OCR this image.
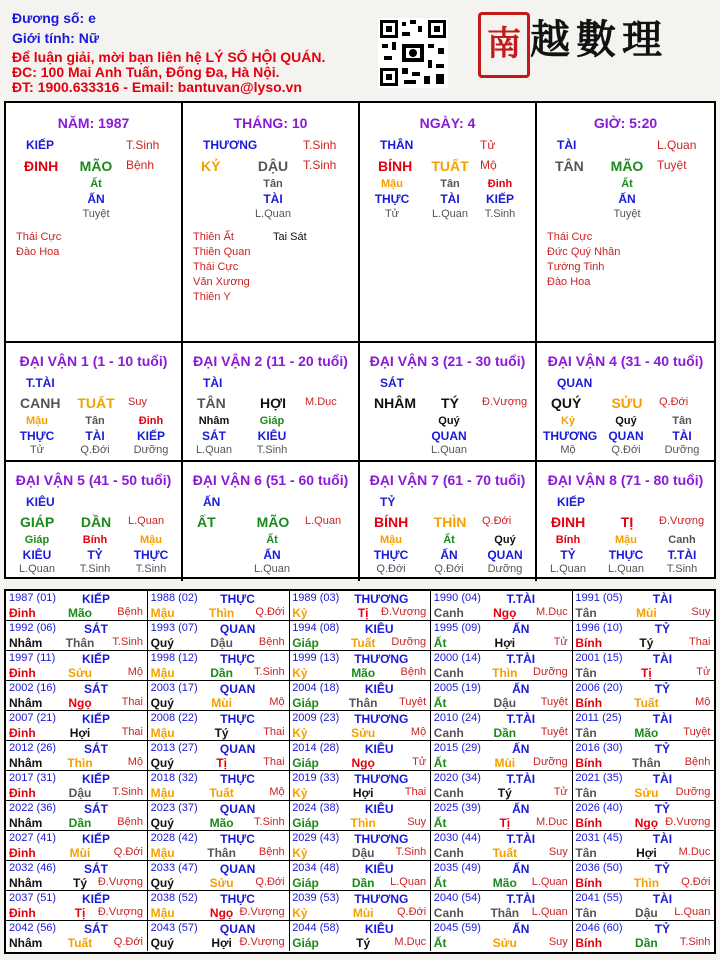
Đương số: e
Giới tính: Nữ
Để luận giải, mời bạn liên hệ LÝ SỐ HỘI QUÁN.
ĐC: 100 Mai Anh Tuấn, Đống Đa, Hà Nội.
ĐT: 1900.633316 - Email: bantuvan@lyso.vn
南 越數理
NĂM: 1987
KIẾP	T.Sinh
ĐINH MÃO	Bệnh
Ất
ẤN
Tuyệt
Thái Cực
Đào Hoa
THÁNG: 10
THƯƠNG	T.Sinh
KỶ	DẬU	T.Sinh
Tân
TÀI
L.Quan
Thiên Ất
Thiên Quan
Thái Cực
Văn Xương
Thiên Y
Tai Sát
NGÀY: 4
THÂN	Tử
BÍNH TUẤT Mộ
Mậu
THỰC
Tử
Tân
TÀI
L.Quan
Đinh
KIẾP
T.Sinh
GIỜ: 5:20
TÀI	L.Quan
TÂN MÃO	Tuyệt
Ất
ẤN
Tuyệt
Thái Cực
Đức Quý Nhân
Tướng Tinh
Đào Hoa
ĐẠI VẬN 1 (1 - 10 tuổi)
T.TÀI
CANH TUẤT Suy
Mậu
THỰC
Tử
Tân
TÀI
Q.Đới
Đinh
KIẾP
Dưỡng
ĐẠI VẬN 2 (11 - 20 tuổi)
TÀI
TÂN	HỢI	M.Dục
Nhâm
SÁT
L.Quan
Giáp
KIÊU
T.Sinh
ĐẠI VẬN 3 (21 - 30 tuổi)
SÁT
NHÂM	TÝ	Đ.Vượng
Quý
QUAN
L.Quan
ĐẠI VẬN 4 (31 - 40 tuổi)
QUAN
QUÝ	SỬU	Q.Đới
Kỷ
THƯƠNG
Mộ
Quý
QUAN
Q.Đới
Tân
TÀI
Dưỡng
ĐẠI VẬN 5 (41 - 50 tuổi)
KIÊU
GIÁP	DẦN	L.Quan
Giáp
KIÊU
L.Quan
Bính
TỶ
T.Sinh
Mậu
THỰC
T.Sinh
ĐẠI VẬN 6 (51 - 60 tuổi)
ẤN
ẤT	MÃO	L.Quan
Ất
ẤN
L.Quan
ĐẠI VẬN 7 (61 - 70 tuổi)
TỶ
BÍNH THÌN	Q.Đới
Mậu
THỰC
Q.Đới
Ất
ẤN
Q.Đới
Quý
QUAN
Dưỡng
ĐẠI VẬN 8 (71 - 80 tuổi)
KIẾP
ĐINH	TỊ	Đ.Vượng
Bính
TỶ
L.Quan
Mậu
THỰC
L.Quan
Canh
T.TÀI
T.Sinh
1987 (01)	KIẾP
Đinh	Mão	Bệnh
1988 (02)	THỰC
Mậu	Thìn	Q.Đới
1989 (03) THƯƠNG
Kỷ	Tị	Đ.Vượng
1990 (04)	T.TÀI
Canh	Ngọ	M.Dục
1991 (05)	TÀI
Tân	Mùi	Suy
1992 (06)	SÁT
Nhâm	Thân	T.Sinh
1993 (07)	QUAN
Quý	Dậu	Bệnh
1994 (08)	KIÊU
Giáp	Tuất	Dưỡng
1995 (09)	ẤN
Ất	Hợi	Tử
1996 (10)	TỶ
Bính	Tý	Thai
1997 (11)	KIẾP
Đinh	Sửu	Mộ
1998 (12)	THỰC
Mậu	Dần	T.Sinh
1999 (13) THƯƠNG
Kỷ	Mão	Bệnh
2000 (14)	T.TÀI
Canh	Thìn	Dưỡng
2001 (15)	TÀI
Tân	Tị	Tử
2002 (16)	SÁT
Nhâm	Ngọ	Thai
2003 (17)	QUAN
Quý	Mùi	Mộ
2004 (18)	KIÊU
Giáp	Thân	Tuyệt
2005 (19)	ẤN
Ất	Dậu	Tuyệt
2006 (20)	TỶ
Bính	Tuất	Mộ
2007 (21)	KIẾP
Đinh	Hợi	Thai
2008 (22)	THỰC
Mậu	Tý	Thai
2009 (23) THƯƠNG
Kỷ	Sửu	Mộ
2010 (24)	T.TÀI
Canh	Dần	Tuyệt
2011 (25)	TÀI
Tân	Mão	Tuyệt
2012 (26)	SÁT
Nhâm	Thìn	Mộ
2013 (27)	QUAN
Quý	Tị	Thai
2014 (28)	KIÊU
Giáp	Ngọ	Tử
2015 (29)	ẤN
Ất	Mùi	Dưỡng
2016 (30)	TỶ
Bính	Thân	Bệnh
2017 (31)	KIẾP
Đinh	Dậu	T.Sinh
2018 (32)	THỰC
Mậu	Tuất	Mộ
2019 (33) THƯƠNG
Kỷ	Hợi	Thai
2020 (34)	T.TÀI
Canh	Tý	Tử
2021 (35)	TÀI
Tân	Sửu	Dưỡng
2022 (36)	SÁT
Nhâm	Dần	Bệnh
2023 (37)	QUAN
Quý	Mão	T.Sinh
2024 (38)	KIÊU
Giáp	Thìn	Suy
2025 (39)	ẤN
Ất	Tị	M.Dục
2026 (40)	TỶ
Bính	Ngọ Đ.Vượng
2027 (41)	KIẾP
Đinh	Mùi	Q.Đới
2028 (42)	THỰC
Mậu	Thân	Bệnh
2029 (43) THƯƠNG
Kỷ	Dậu	T.Sinh
2030 (44)	T.TÀI
Canh	Tuất	Suy
2031 (45)	TÀI
Tân	Hợi	M.Dục
2032 (46)	SÁT
Nhâm	Tý Đ.Vượng
2033 (47)	QUAN
Quý	Sửu	Q.Đới
2034 (48)	KIÊU
Giáp	Dần	L.Quan
2035 (49)	ẤN
Ất	Mão	L.Quan
2036 (50)	TỶ
Bính	Thìn	Q.Đới
2037 (51)	KIẾP
Đinh	Tị	Đ.Vượng
2038 (52)	THỰC
Mậu	Ngọ Đ.Vượng
2039 (53) THƯƠNG
Kỷ	Mùi	Q.Đới
2040 (54)	T.TÀI
Canh	Thân	L.Quan
2041 (55)	TÀI
Tân	Dậu	L.Quan
2042 (56)	SÁT
Nhâm	Tuất	Q.Đới
2043 (57)	QUAN
Quý	Hợi Đ.Vượng
2044 (58)	KIÊU
Giáp	Tý	M.Dục
2045 (59)	ẤN
Ất	Sửu	Suy
2046 (60)	TỶ
Bính	Dần	T.Sinh
